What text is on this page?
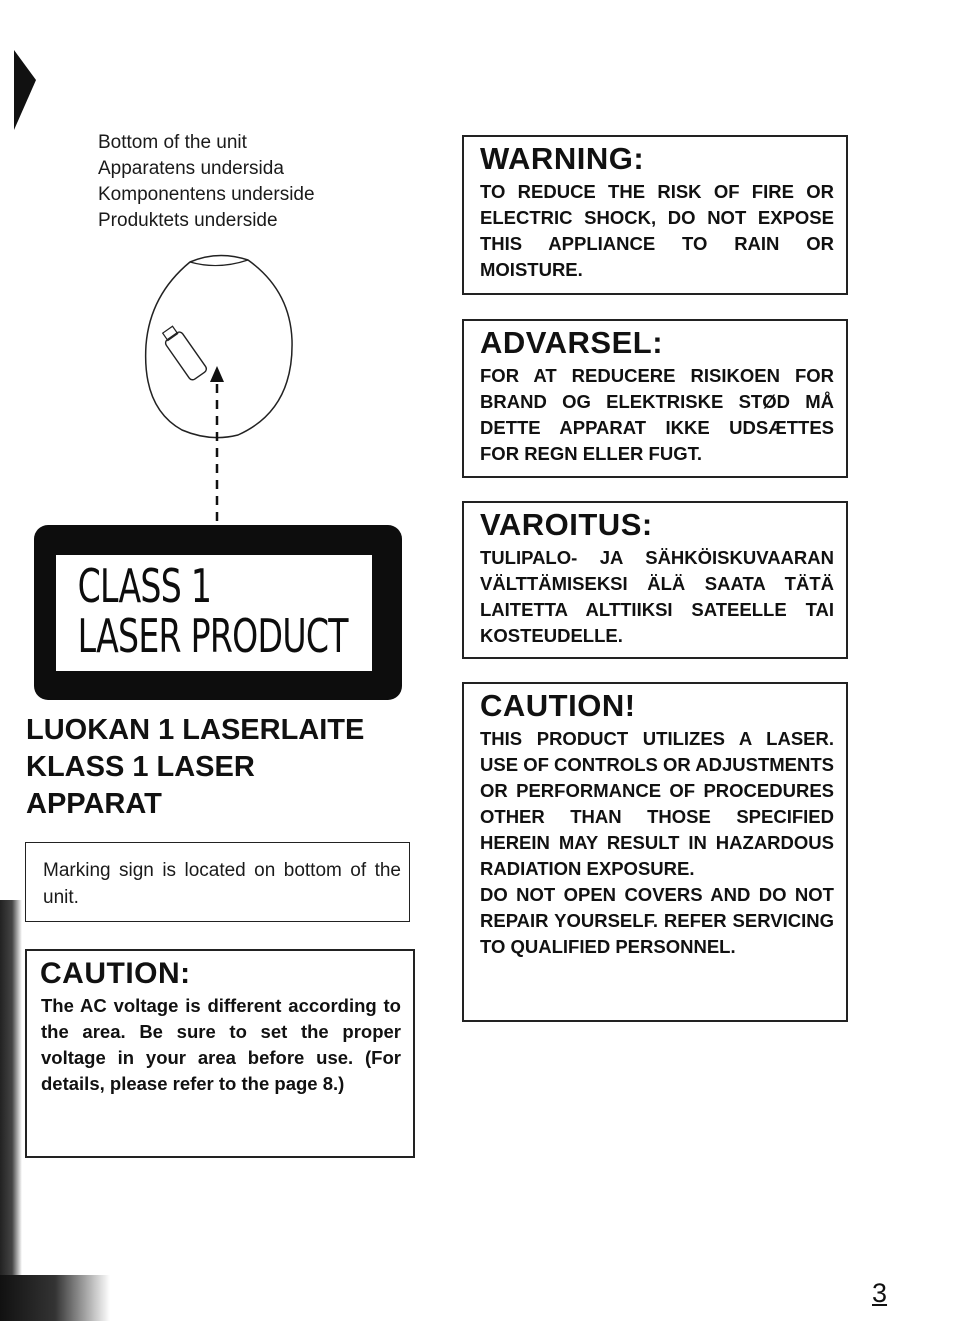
Bottom of the unit
Apparatens undersida
Komponentens underside
Produktets underside
CLASS 1
LASER PRODUCT
LUOKAN 1 LASERLAITE
KLASS 1 LASER
APPARAT
Marking sign is located on bottom of the unit.
CAUTION:
The AC voltage is different according to the area. Be sure to set the proper voltage in your area before use. (For details, please refer to the page 8.)
WARNING:
TO REDUCE THE RISK OF FIRE OR ELECTRIC SHOCK, DO NOT EXPOSE THIS APPLIANCE TO RAIN OR MOISTURE.
ADVARSEL:
FOR AT REDUCERE RISIKOEN FOR BRAND OG ELEKTRISKE STØD MÅ DETTE APPARAT IKKE UDSÆTTES FOR REGN ELLER FUGT.
VAROITUS:
TULIPALO- JA SÄHKÖISKUVAARAN VÄLTTÄMISEKSI ÄLÄ SAATA TÄTÄ LAITETTA ALTTIIKSI SATEELLE TAI KOSTEUDELLE.
CAUTION!
THIS PRODUCT UTILIZES A LASER. USE OF CONTROLS OR ADJUSTMENTS OR PERFORMANCE OF PROCEDURES OTHER THAN THOSE SPECIFIED HEREIN MAY RESULT IN HAZARDOUS RADIATION EXPOSURE.
DO NOT OPEN COVERS AND DO NOT REPAIR YOURSELF. REFER SERVICING TO QUALIFIED PERSONNEL.
3
